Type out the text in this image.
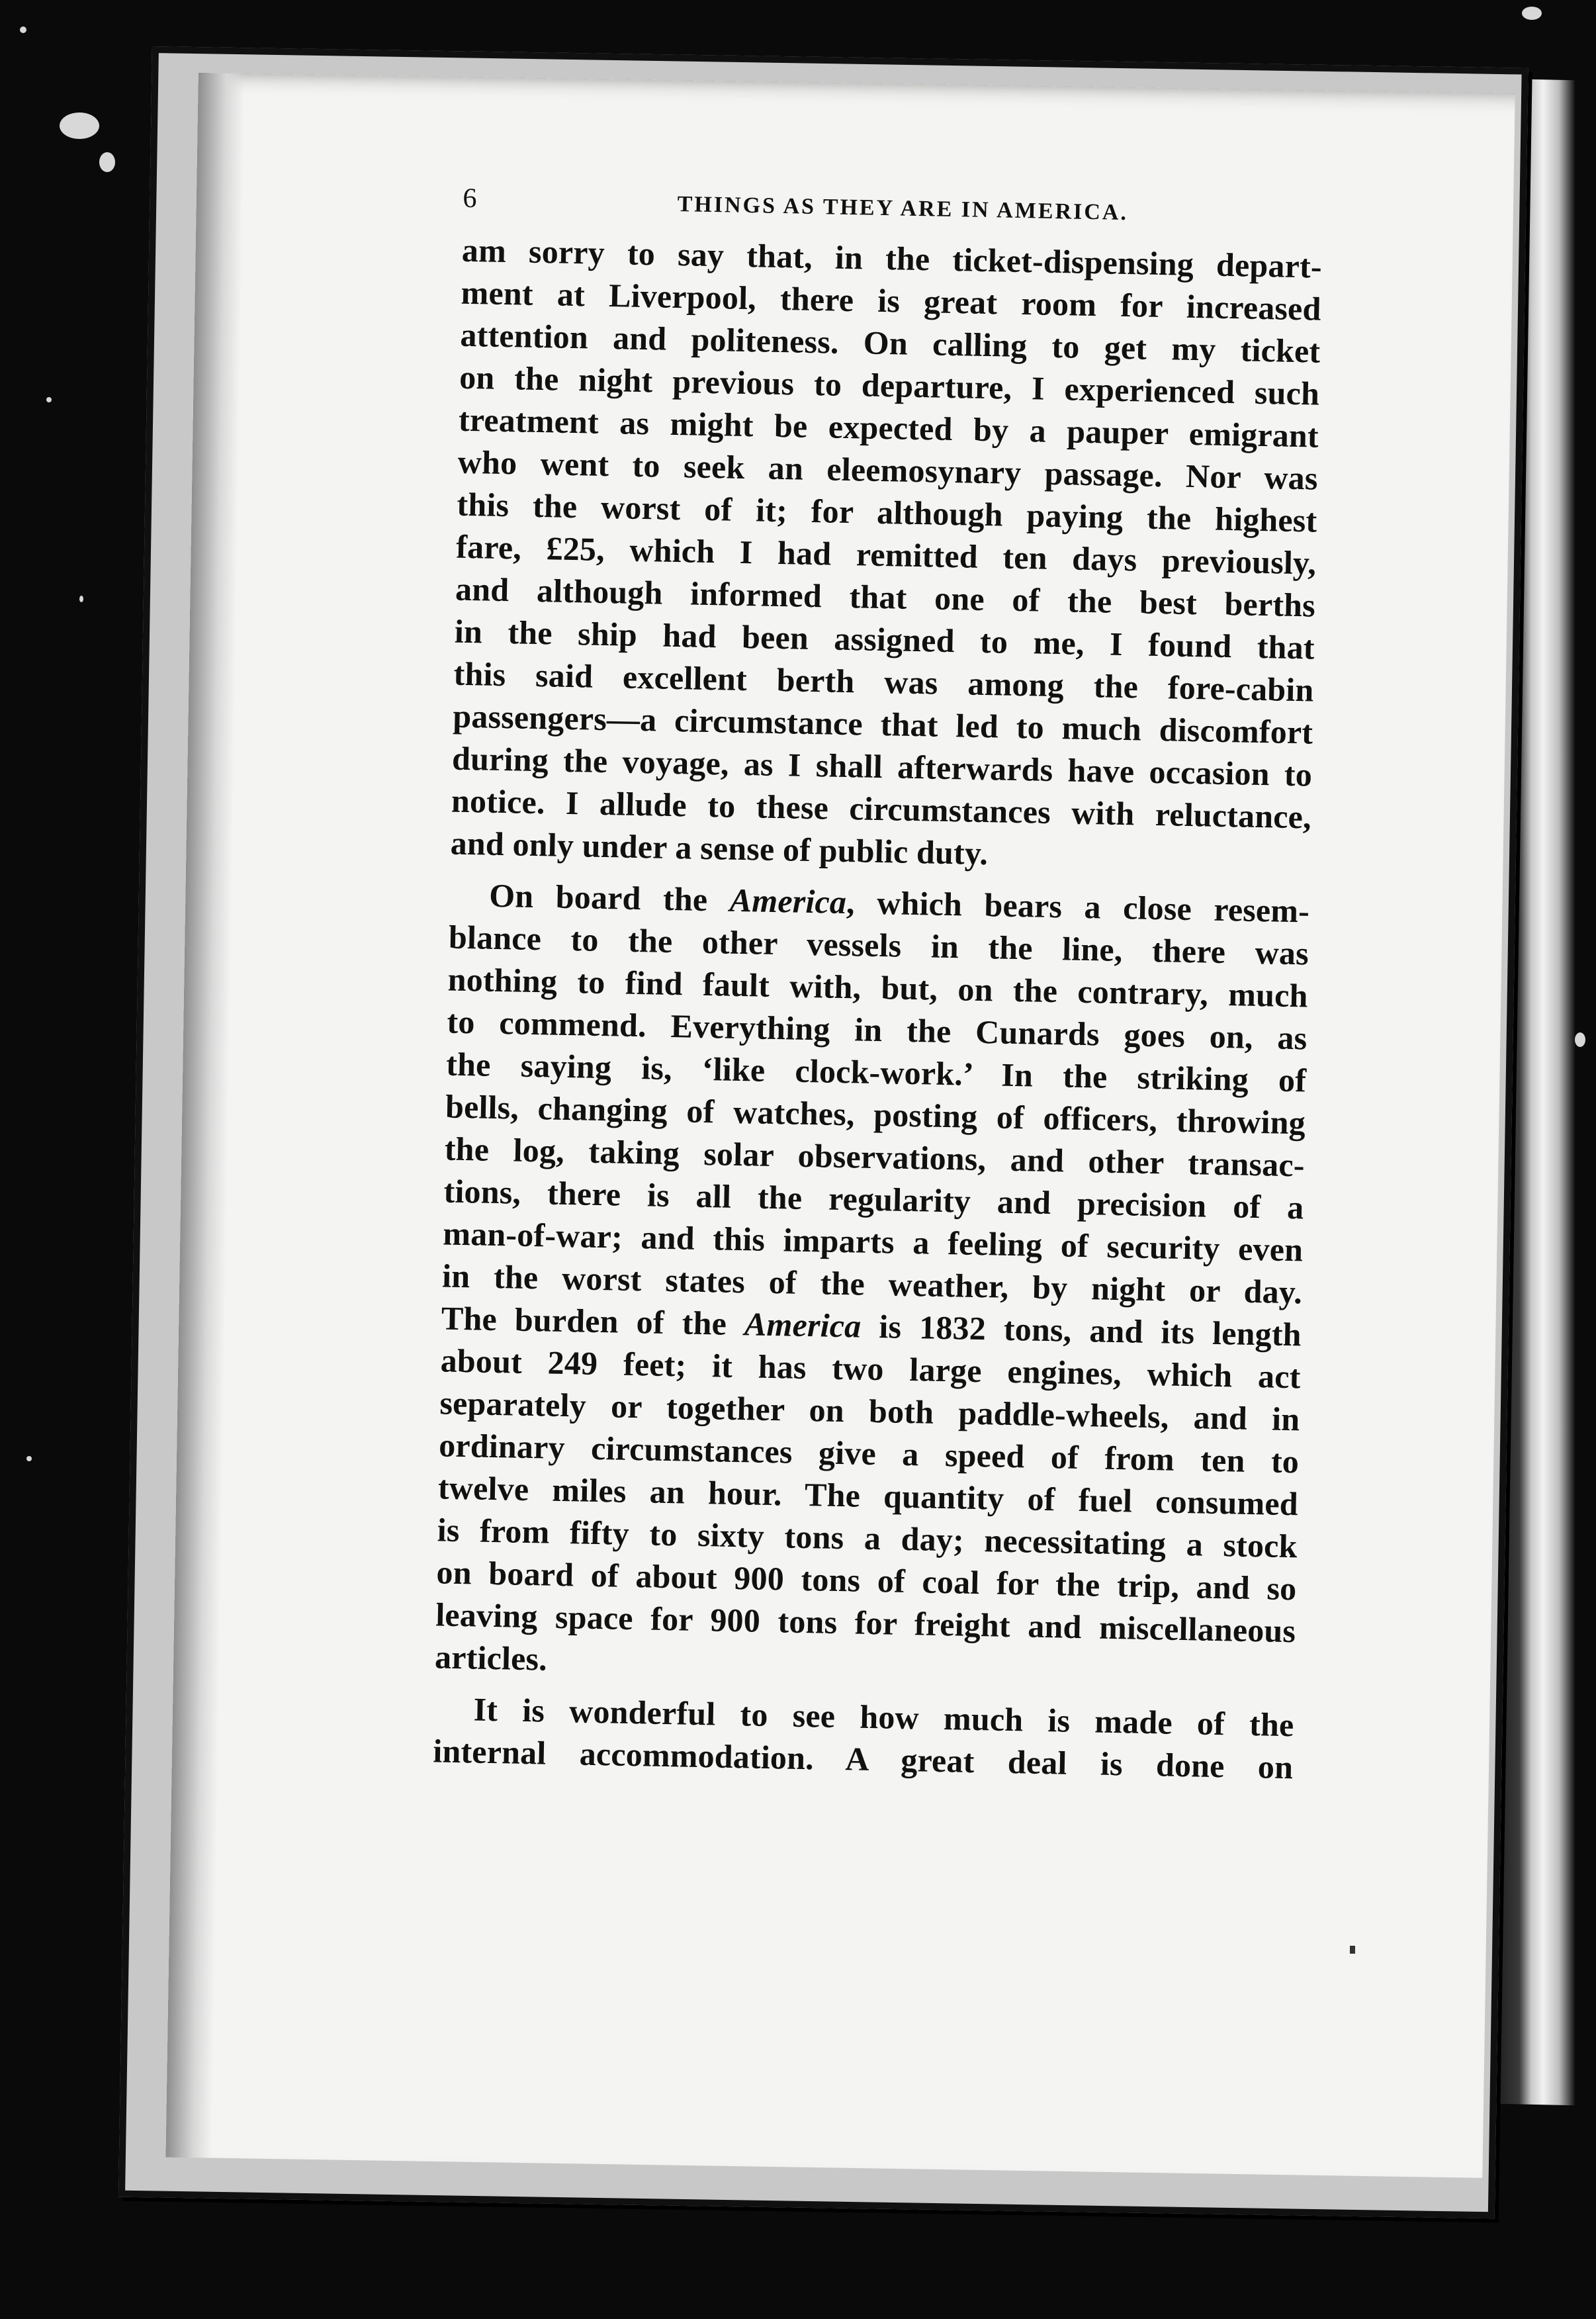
6	THINGS AS THEY ARE IN AMERICA.
am sorry to say that, in the ticket-dispensing depart-
ment at Liverpool, there is great room for increased
attention and politeness. On calling to get my ticket
on the night previous to departure, I experienced such
treatment as might be expected by a pauper emigrant
who went to seek an eleemosynary passage. Nor was
this the worst of it; for although paying the highest
fare, £25, which I had remitted ten days previously,
and although informed that one of the best berths
in the ship had been assigned to me, I found that
this said excellent berth was among the fore-cabin
passengers—a circumstance that led to much discomfort
during the voyage, as I shall afterwards have occasion to
notice. I allude to these circumstances with reluctance,
and only under a sense of public duty.
On board the America, which bears a close resem-
blance to the other vessels in the line, there was
nothing to find fault with, but, on the contrary, much
to commend. Everything in the Cunards goes on, as
the saying is, ‘like clock-work.’ In the striking of
bells, changing of watches, posting of officers, throwing
the log, taking solar observations, and other transac-
tions, there is all the regularity and precision of a
man-of-war; and this imparts a feeling of security even
in the worst states of the weather, by night or day.
The burden of the America is 1832 tons, and its length
about 249 feet; it has two large engines, which act
separately or together on both paddle-wheels, and in
ordinary circumstances give a speed of from ten to
twelve miles an hour. The quantity of fuel consumed
is from fifty to sixty tons a day; necessitating a stock
on board of about 900 tons of coal for the trip, and so
leaving space for 900 tons for freight and miscellaneous
articles.
It is wonderful to see how much is made of the
internal accommodation. A great deal is done on
